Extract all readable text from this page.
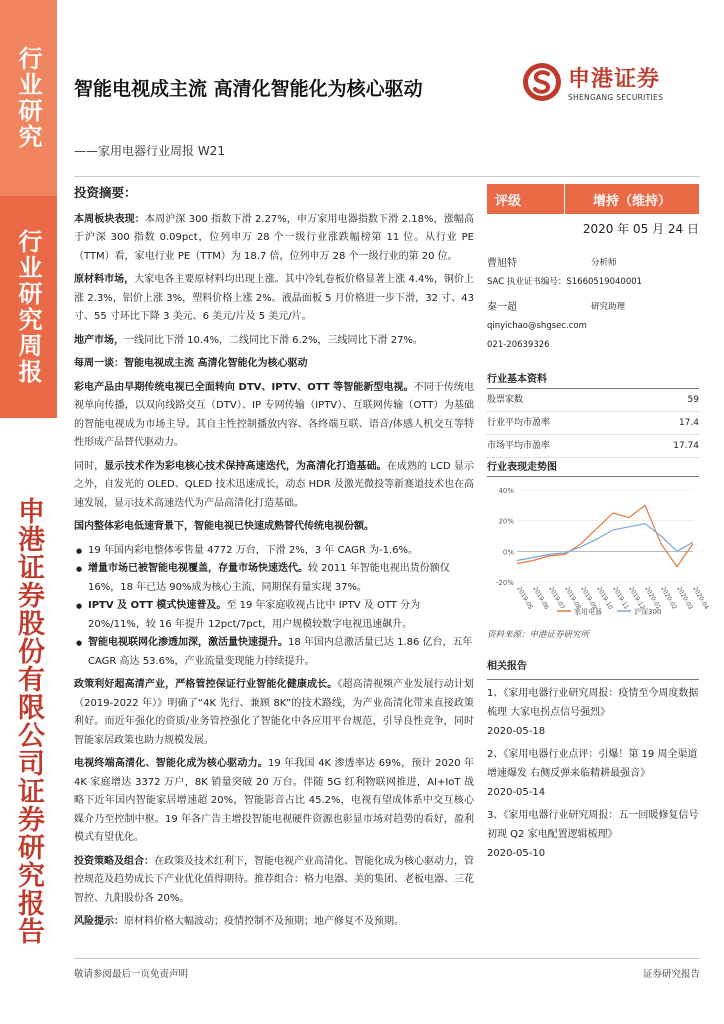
行业研究
行业研究周报
申港证券股份有限公司证券研究报告
智能电视成主流 高清化智能化为核心驱动
——家用电器行业周报 W21
申港证券
SHENGANG SECURITIES
投资摘要：

本周板块表现：本周沪深 300 指数下滑 2.27%，申万家用电器指数下滑 2.18%，涨幅高于沪深 300 指数 0.09pct，位列申万 28 个一级行业涨跌幅榜第 11 位。从行业 PE（TTM）看，家电行业 PE（TTM）为 18.7 倍，位列申万 28 个一级行业的第 20 位。

原材料市场，大家电各主要原材料均出现上涨。其中冷轧卷板价格显著上涨 4.4%，铜价上涨 2.3%，铝价上涨 3%，塑料价格上涨 2%。液晶面板 5 月价格进一步下滑，32 寸、43 寸、55 寸环比下降 3 美元、6 美元/片及 5 美元/片。

地产市场，一线同比下滑 10.4%，二线同比下滑 6.2%，三线同比下滑 27%。

每周一谈：智能电视成主流 高清化智能化为核心驱动

彩电产品由早期传统电视已全面转向 DTV、IPTV、OTT 等智能新型电视。不同于传统电视单向传播，以双向线路交互（DTV）、IP 专网传输（IPTV）、互联网传输（OTT）为基础的智能电视成为市场主导。其自主性控制播放内容、各终端互联、语音/体感人机交互等特性形成产品替代驱动力。

同时，显示技术作为彩电核心技术保持高速迭代，为高清化打造基础。在成熟的 LCD 显示之外，自发光的 OLED、QLED 技术迅速成长，动态 HDR 及激光微投等新赛道技术也在高速发展，显示技术高速迭代为产品高清化打造基础。

国内整体彩电低速背景下，智能电视已快速成熟替代传统电视份额。

● 19 年国内彩电整体零售量 4772 万台，下滑 2%，3 年 CAGR 为-1.6%。
● 增量市场已被智能电视覆盖，存量市场快速迭代。较 2011 年智能电视出货份额仅 16%，18 年已达 90%成为核心主流，同期保有量实现 37%。
● IPTV 及 OTT 模式快速普及。至 19 年家庭收视占比中 IPTV 及 OTT 分为 20%/11%，较 16 年提升 12pct/7pct，用户规模较数字电视迅速飙升。
● 智能电视联网化渗透加深，激活量快速提升。18 年国内总激活量已达 1.86 亿台，五年 CAGR 高达 53.6%，产业流量变现能力持续提升。

政策利好超高清产业，严格管控保证行业智能化健康成长。《超高清视频产业发展行动计划（2019-2022 年）》明确了“4K 先行、兼顾 8K”的技术路线，为产业高清化带来直接政策利好。而近年强化的资质/业务管控强化了智能化中各应用平台规范，引导良性竞争，同时智能家居政策也助力规模发展。

电视终端高清化、智能化成为核心驱动力。19 年我国 4K 渗透率达 69%，预计 2020 年 4K 家庭增达 3372 万户，8K 销量突破 20 万台。伴随 5G 红利物联网推进，AI+IoT 战略下近年国内智能家居增速超 20%，智能影音占比 45.2%，电视有望成体系中交互核心媒介乃至控制中枢。19 年各广告主增投智能电视硬件资源也彰显市场对趋势的看好，盈利模式有望优化。

投资策略及组合：在政策及技术红利下，智能电视产业高清化、智能化成为核心驱动力，管控规范及趋势成长下产业优化值得期待。推荐组合：格力电器、美的集团、老板电器、三花智控、九阳股份各 20%。

风险提示：原材料价格大幅波动；疫情控制不及预期；地产修复不及预期。

评级	增持（维持）
2020 年 05 月 24 日
曹旭特	分析师
SAC 执业证书编号：S1660519040001
秦一超	研究助理
qinyichao@shgsec.com
021-20639326
行业基本资料
股票家数	59
行业平均市盈率	17.4
市场平均市盈率	17.74
行业表现走势图
40%
20%
0%
-20%
2019-05
2019-06
2019-07
2019-08
2019-09
2019-10
2019-11
2019-12
2020-01
2020-02
2020-03
2020-04
家用电器	沪深300
资料来源：申港证券研究所
相关报告
1、《家用电器行业研究周报：疫情至今周度数据梳理 大家电拐点信号强烈》
2020-05-18
2、《家用电器行业点评：引爆！第 19 周全渠道增速爆发 右侧反弹来临精耕最强音》
2020-05-14
3、《家用电器行业研究周报：五一回暖修复信号初现 Q2 家电配置逻辑梳理》
2020-05-10
敬请参阅最后一页免责声明	证券研究报告
